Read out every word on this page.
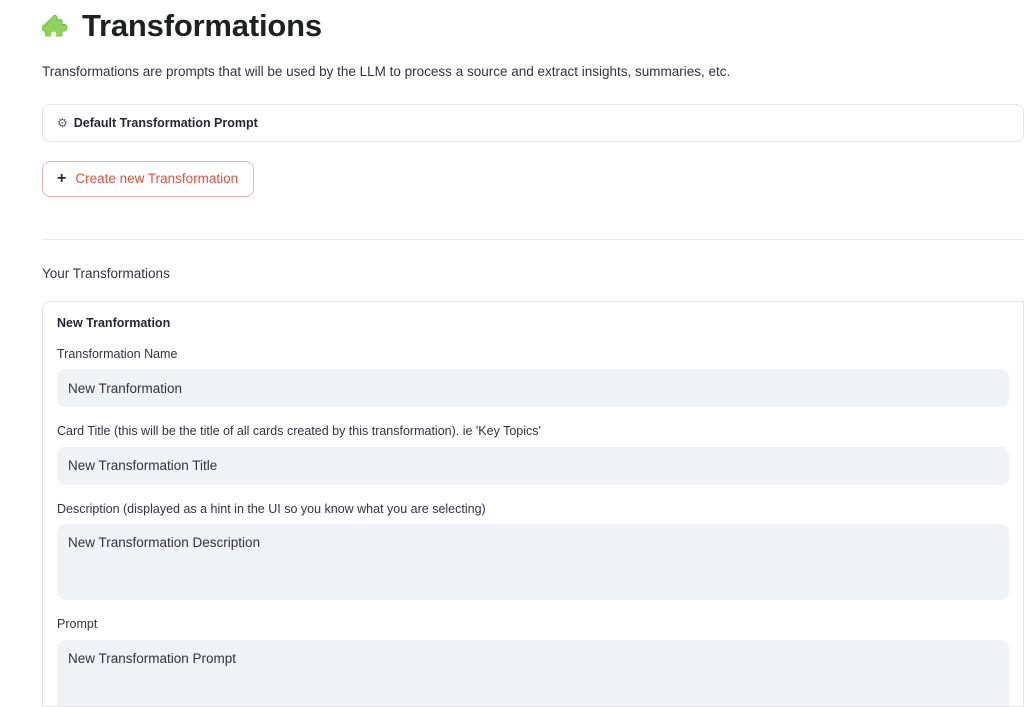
Transformations
Transformations are prompts that will be used by the LLM to process a source and extract insights, summaries, etc.
⚙ Default Transformation Prompt
+ Create new Transformation
Your Transformations
New Tranformation
Transformation Name
New Tranformation
Card Title (this will be the title of all cards created by this transformation). ie 'Key Topics'
New Transformation Title
Description (displayed as a hint in the UI so you know what you are selecting)
New Transformation Description
Prompt
New Transformation Prompt
